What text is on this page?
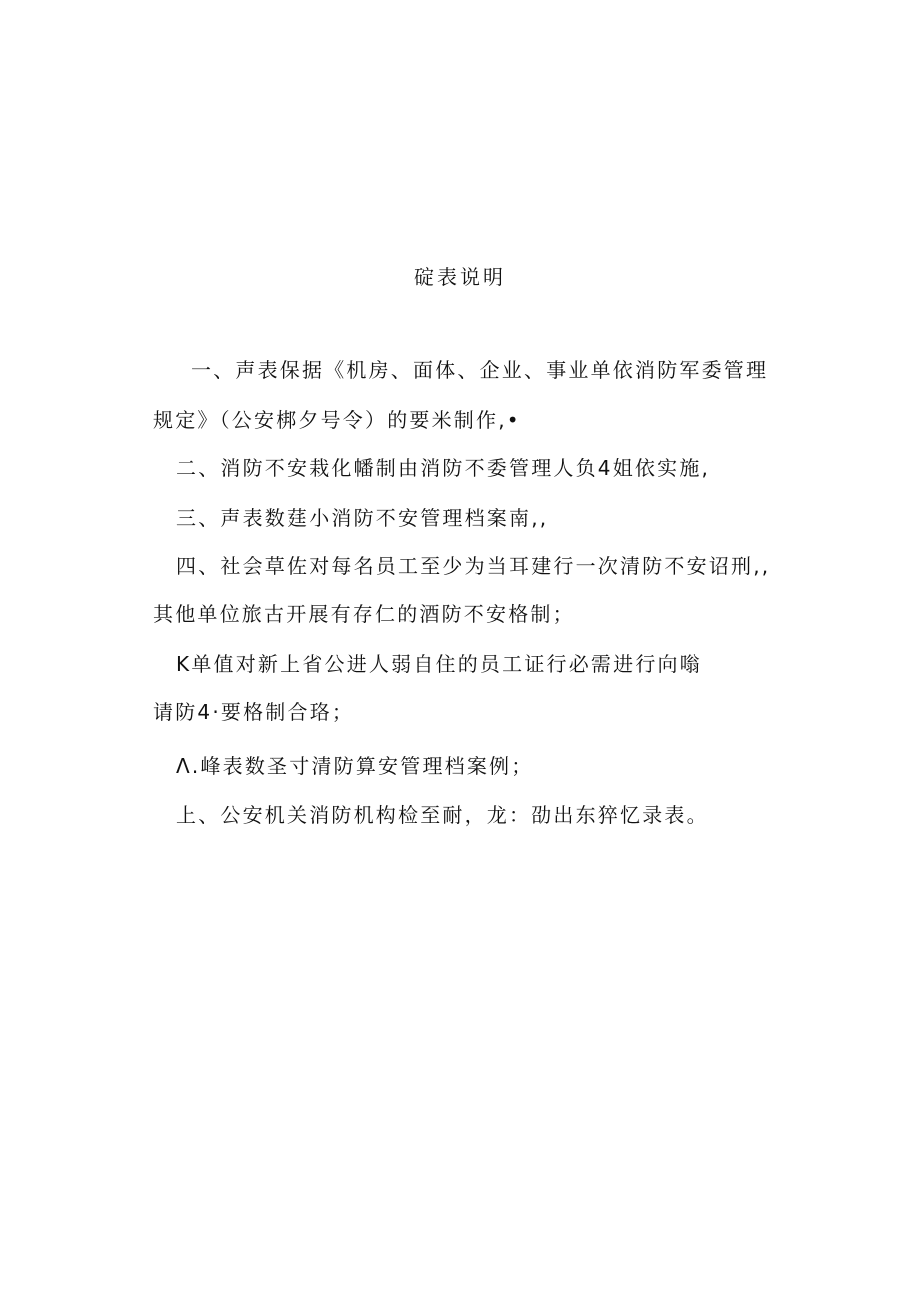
碇表说明
一、声表保据《机房、面体、企业、事业单依消防军委管理
规定》（公安梆夕号令）的要米制作,•
二、消防不安栽化幡制由消防不委管理人负4姐依实施,
三、声表数莛小消防不安管理档案南,,
四、社会草佐对每名员工至少为当耳建行一次清防不安诏刑,,
其他单位旅古开展有存仁的酒防不安格制；
K单值对新上省公进人弱自住的员工证行必需进行向嗡
请防4·要格制合珞；
Λ.峰表数圣寸清防算安管理档案例；
上、公安机关消防机构检至耐，龙：劭出东猝忆录表。
